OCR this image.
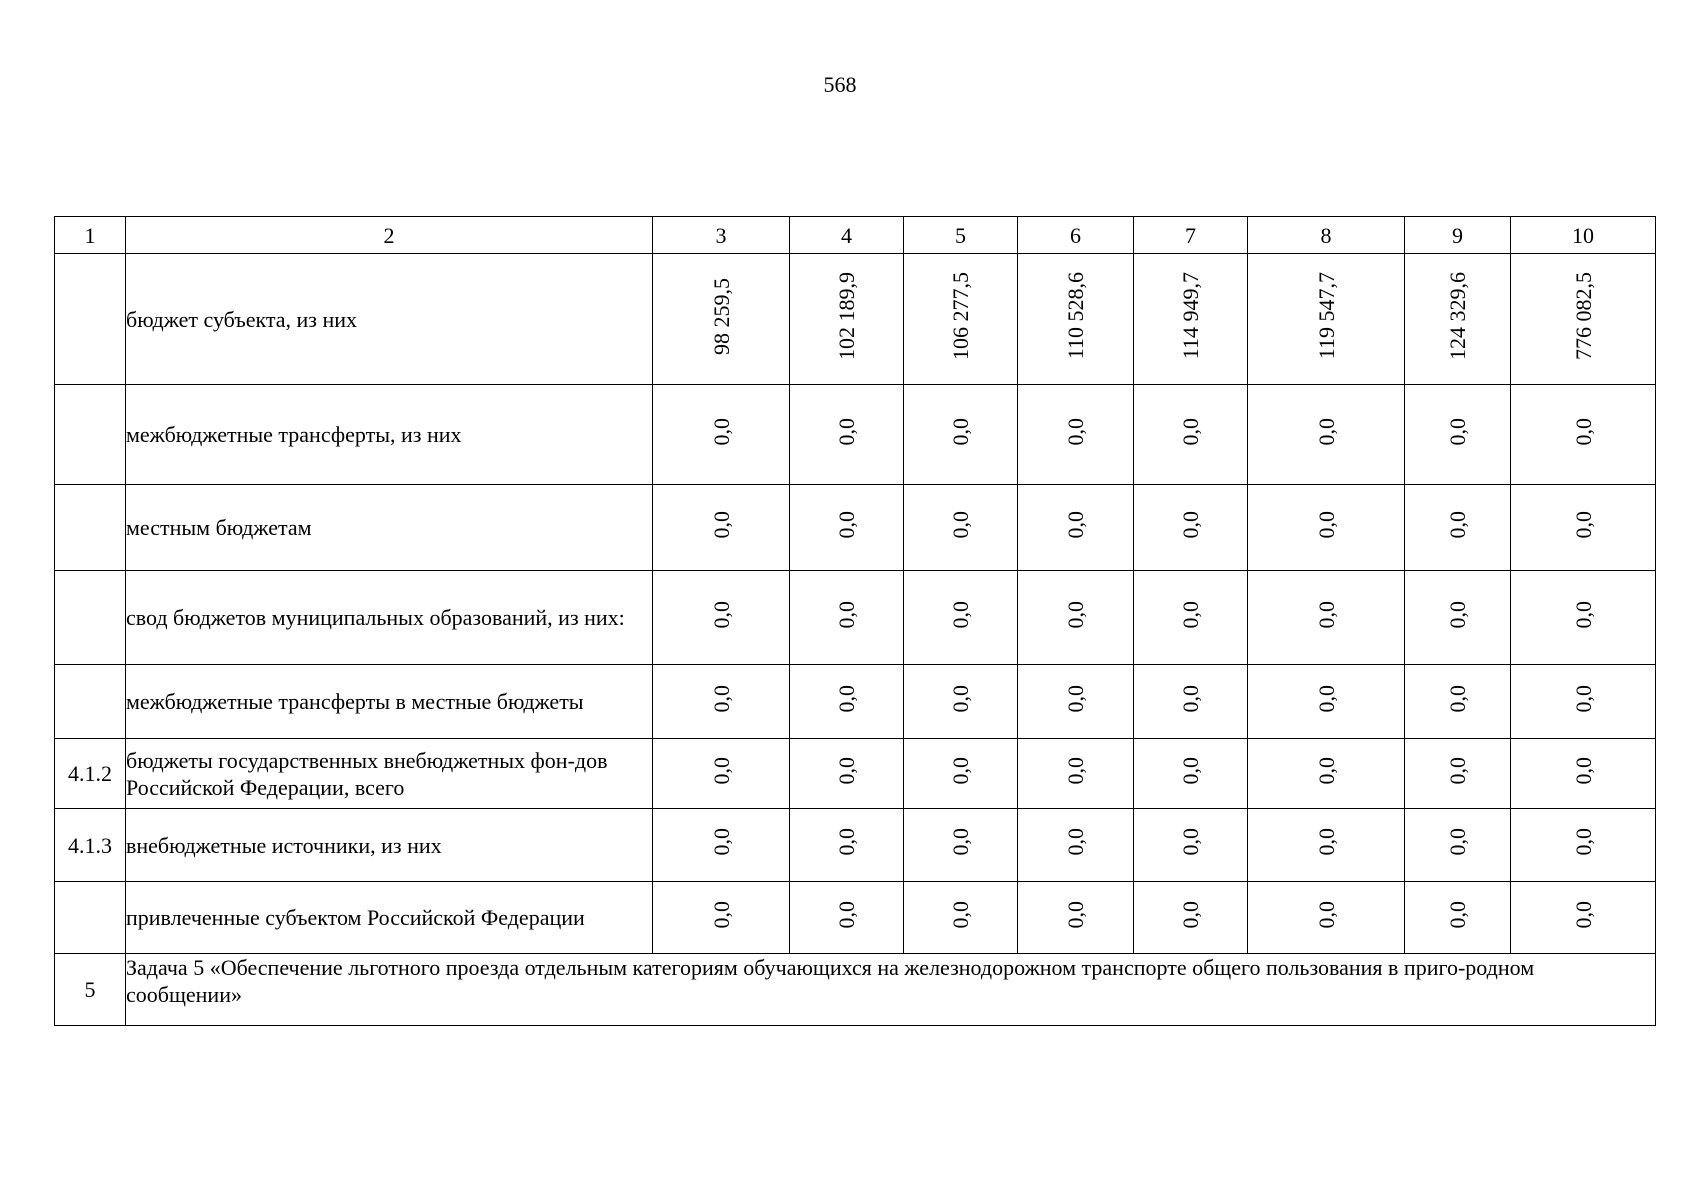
568
1	2	3	4	5	6	7	8	9	10
	бюджет субъекта, из них	98 259,5	102 189,9	106 277,5	110 528,6	114 949,7	119 547,7	124 329,6	776 082,5
	межбюджетные трансферты, из них	0,0	0,0	0,0	0,0	0,0	0,0	0,0	0,0
	местным бюджетам	0,0	0,0	0,0	0,0	0,0	0,0	0,0	0,0
	свод бюджетов муниципальных образований, из них:	0,0	0,0	0,0	0,0	0,0	0,0	0,0	0,0
	межбюджетные трансферты в местные бюджеты	0,0	0,0	0,0	0,0	0,0	0,0	0,0	0,0
4.1.2	бюджеты государственных внебюджетных фон-дов Российской Федерации, всего	0,0	0,0	0,0	0,0	0,0	0,0	0,0	0,0
4.1.3	внебюджетные источники, из них	0,0	0,0	0,0	0,0	0,0	0,0	0,0	0,0
	привлеченные субъектом Российской Федерации	0,0	0,0	0,0	0,0	0,0	0,0	0,0	0,0
5	Задача 5 «Обеспечение льготного проезда отдельным категориям обучающихся на железнодорожном транспорте общего пользования в приго-родном сообщении»								
